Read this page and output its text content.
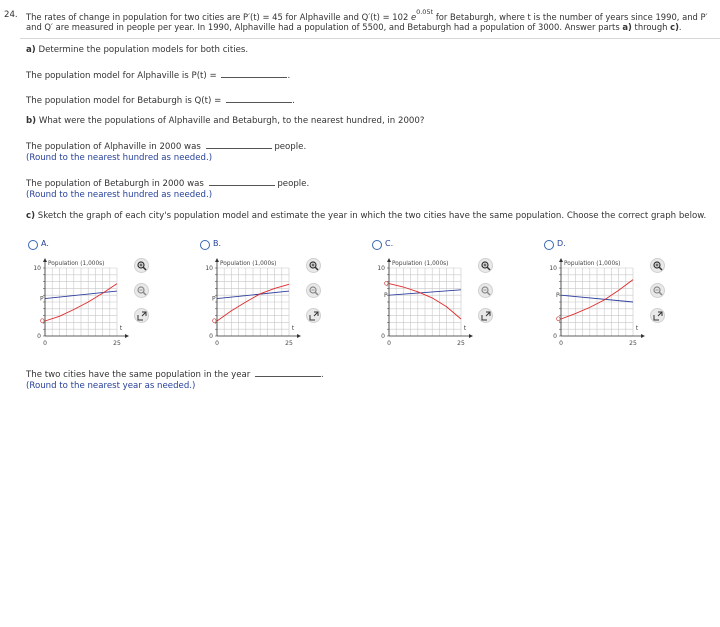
24. The rates of change in population for two cities are P′(t) = 45 for Alphaville and Q′(t) = 102 $e^{0.05t}$ for Betaburgh, where t is the number of years since 1990, and P′
and Q′ are measured in people per year. In 1990, Alphaville had a population of 5500, and Betaburgh had a population of 3000. Answer parts a) through c).
a) Determine the population models for both cities.
The population model for Alphaville is P(t) =	.
The population model for Betaburgh is Q(t) =	.
b) What were the populations of Alphaville and Betaburgh, to the nearest hundred, in 2000?
The population of Alphaville in 2000 was	people.
(Round to the nearest hundred as needed.)
The population of Betaburgh in 2000 was	people.
(Round to the nearest hundred as needed.)
c) Sketch the graph of each city's population model and estimate the year in which the two cities have the same population. Choose the correct graph below.
A.
Population (1,000s)
10
0
0	25
t
P
Q
B.
Population (1,000s)
10
0
0	25
t
P
Q
C.
Population (1,000s)
10
0
0	25
t
P
Q
D.
Population (1,000s)
10
0
0	25
t
P
Q
The two cities have the same population in the year	.
(Round to the nearest year as needed.)
